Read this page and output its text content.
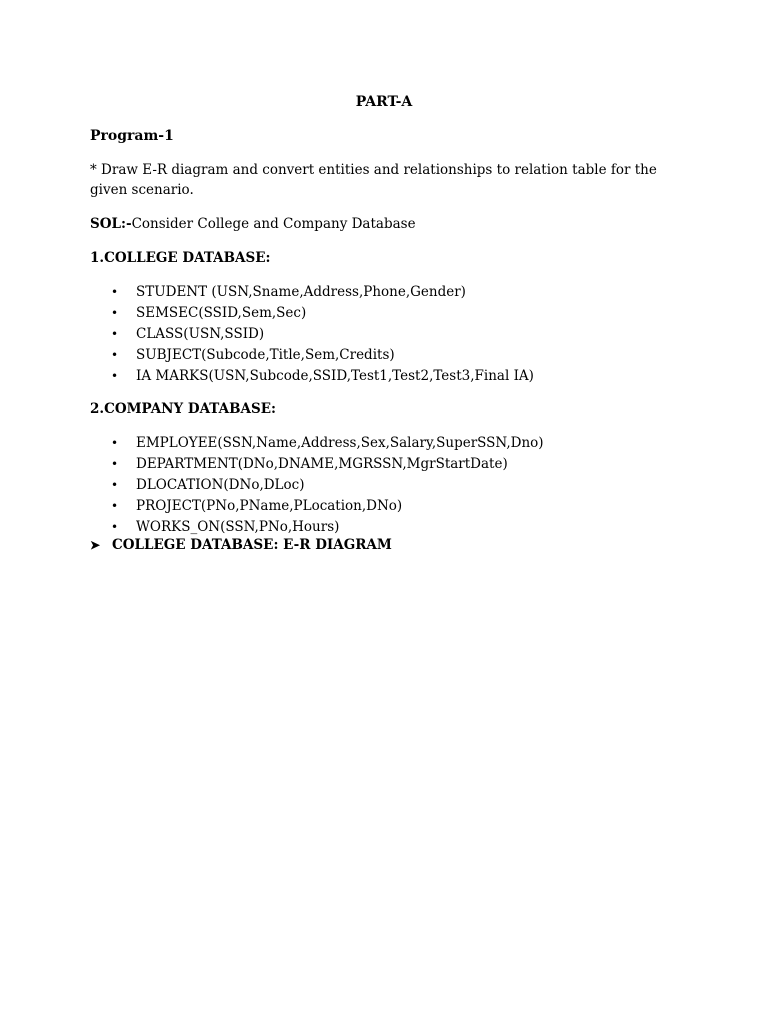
PART-A
Program-1
* Draw E-R diagram and convert entities and relationships to relation table for the given scenario.
SOL:-Consider College and Company Database
1.COLLEGE DATABASE:
• STUDENT (USN,Sname,Address,Phone,Gender)
• SEMSEC(SSID,Sem,Sec)
• CLASS(USN,SSID)
• SUBJECT(Subcode,Title,Sem,Credits)
• IA MARKS(USN,Subcode,SSID,Test1,Test2,Test3,Final IA)
2.COMPANY DATABASE:
• EMPLOYEE(SSN,Name,Address,Sex,Salary,SuperSSN,Dno)
• DEPARTMENT(DNo,DNAME,MGRSSN,MgrStartDate)
• DLOCATION(DNo,DLoc)
• PROJECT(PNo,PName,PLocation,DNo)
• WORKS_ON(SSN,PNo,Hours)
➤ COLLEGE DATABASE: E-R DIAGRAM
